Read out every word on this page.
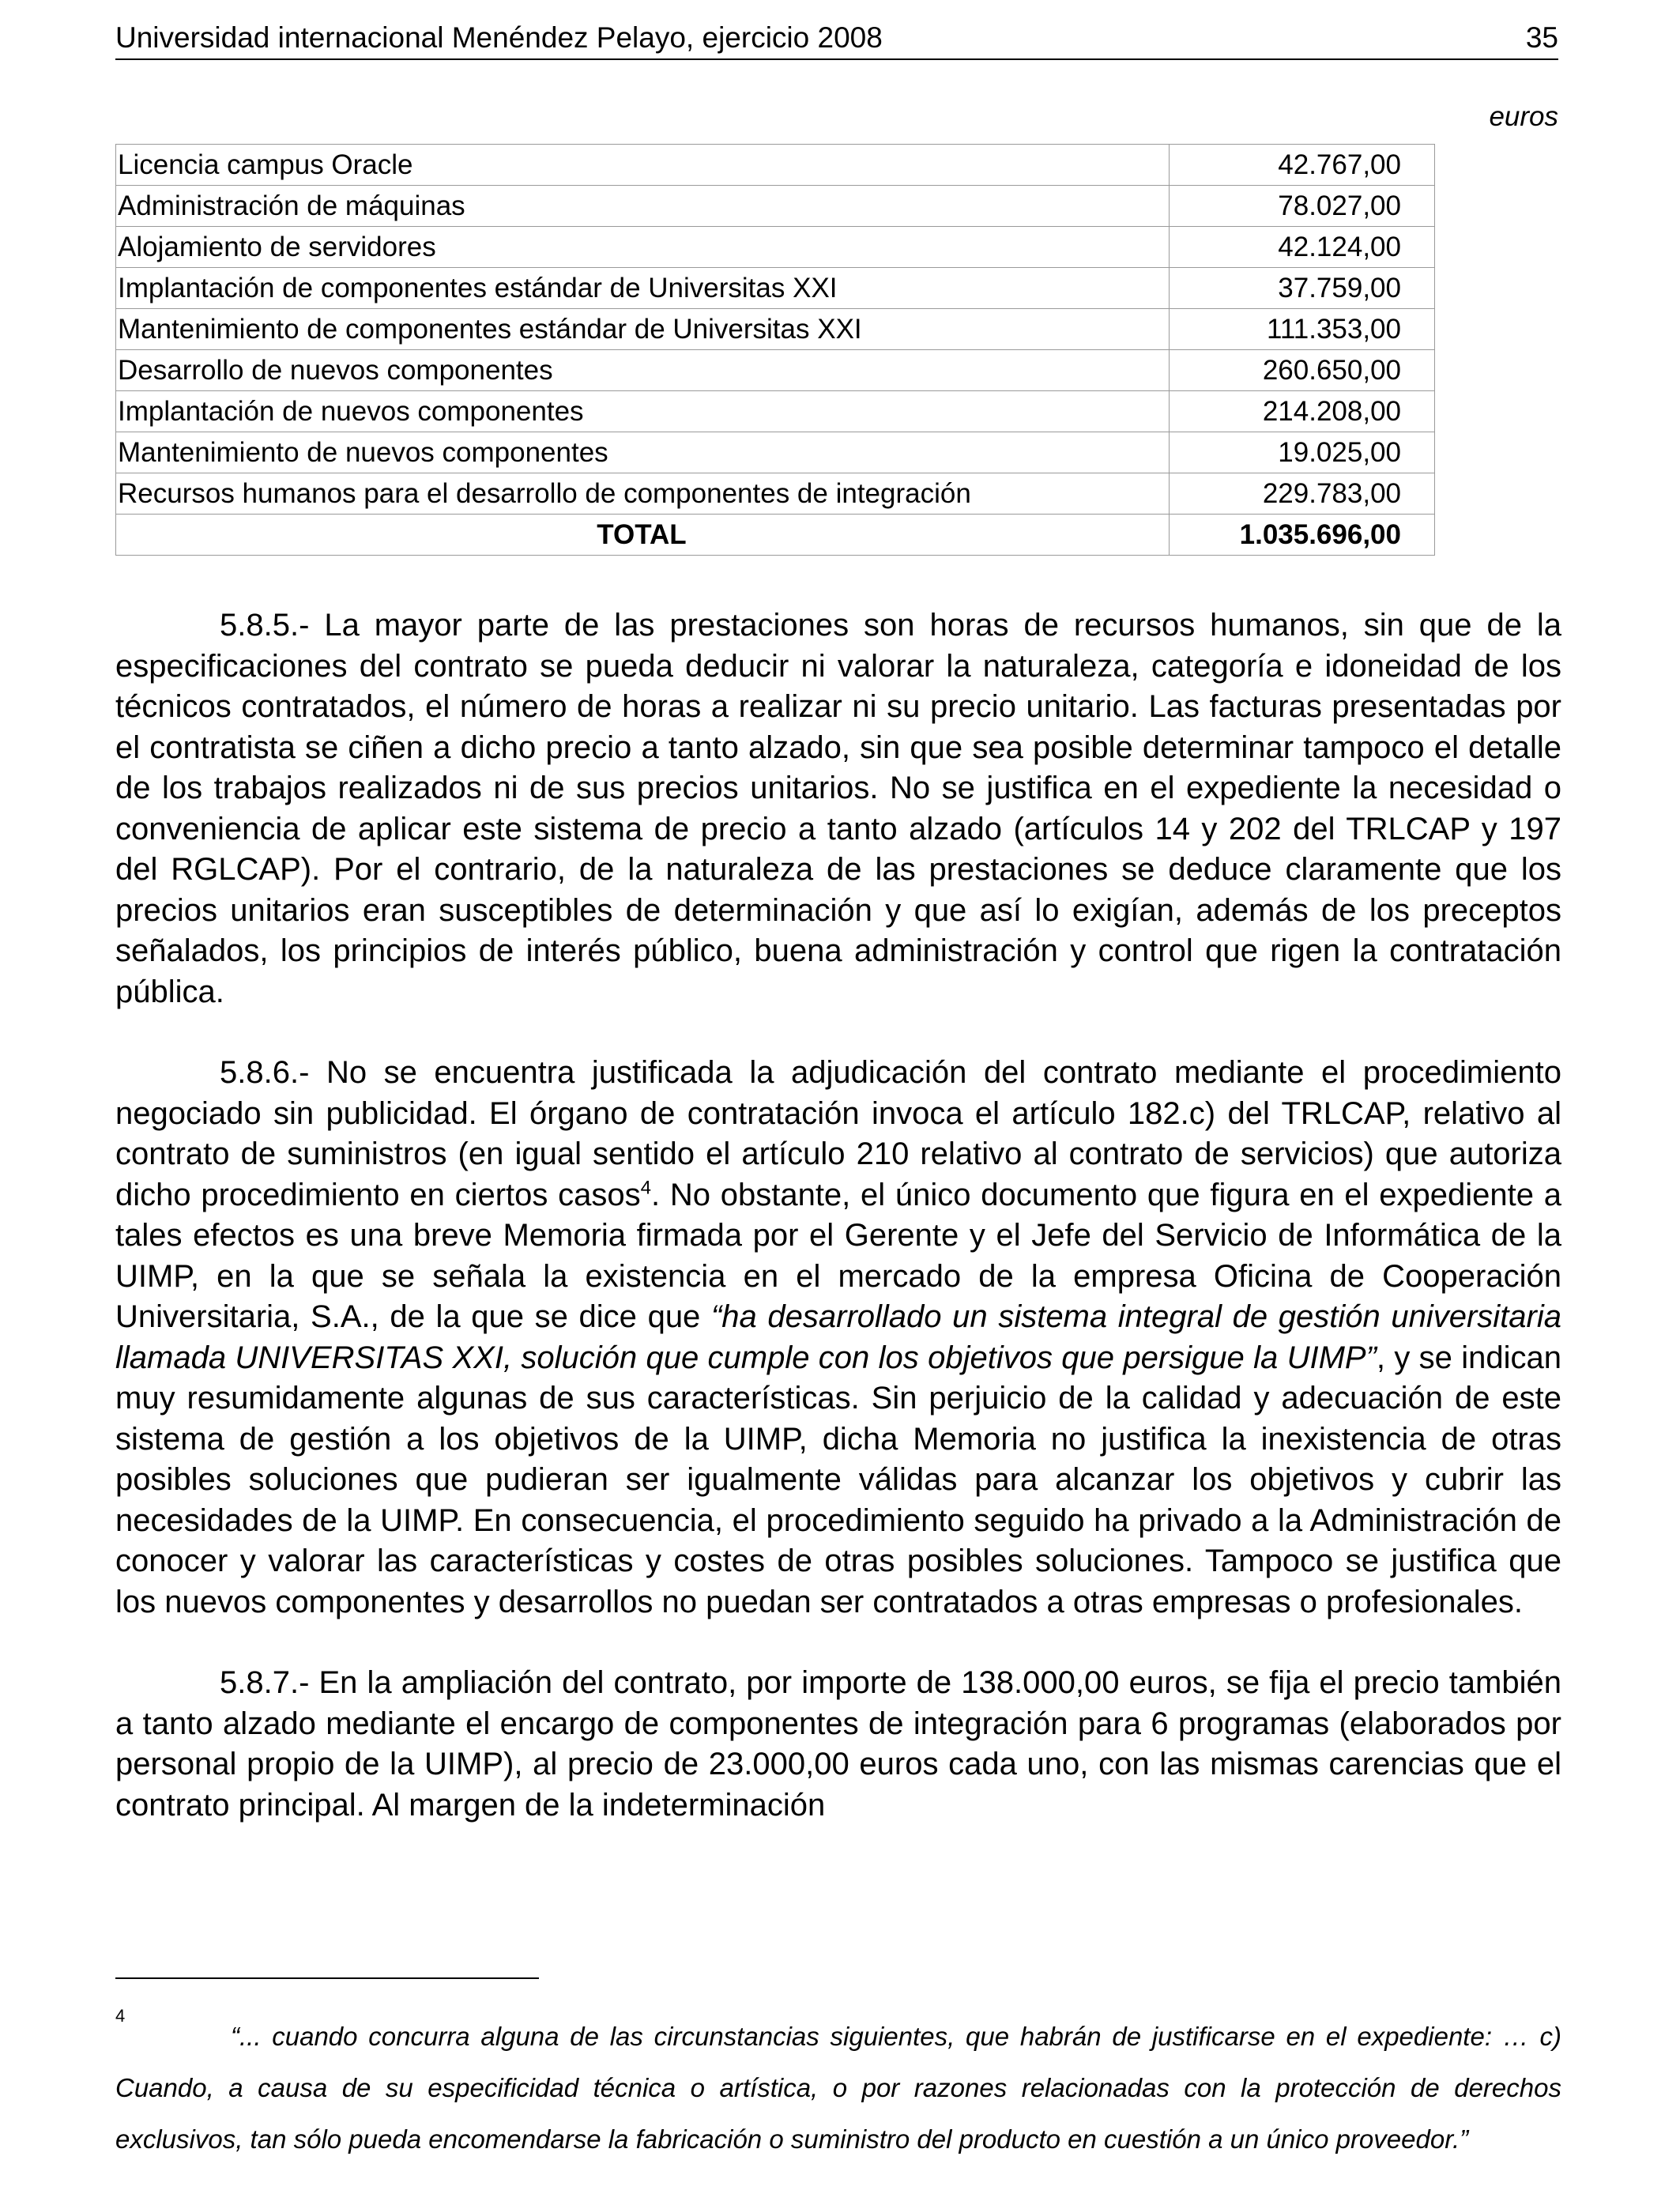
Universidad internacional Menéndez Pelayo, ejercicio 2008	35
euros
Licencia campus Oracle	42.767,00
Administración de máquinas	78.027,00
Alojamiento de servidores	42.124,00
Implantación de componentes estándar de Universitas XXI	37.759,00
Mantenimiento de componentes estándar de Universitas XXI	111.353,00
Desarrollo de nuevos componentes	260.650,00
Implantación de nuevos componentes	214.208,00
Mantenimiento de nuevos componentes	19.025,00
Recursos humanos para el desarrollo de componentes de integración	229.783,00
TOTAL	1.035.696,00

5.8.5.- La mayor parte de las prestaciones son horas de recursos humanos, sin que de la especificaciones del contrato se pueda deducir ni valorar la naturaleza, categoría e idoneidad de los técnicos contratados, el número de horas a realizar ni su precio unitario. Las facturas presentadas por el contratista se ciñen a dicho precio a tanto alzado, sin que sea posible determinar tampoco el detalle de los trabajos realizados ni de sus precios unitarios. No se justifica en el expediente la necesidad o conveniencia de aplicar este sistema de precio a tanto alzado (artículos 14 y 202 del TRLCAP y 197 del RGLCAP). Por el contrario, de la naturaleza de las prestaciones se deduce claramente que los precios unitarios eran susceptibles de determinación y que así lo exigían, además de los preceptos señalados, los principios de interés público, buena administración y control que rigen la contratación pública.

5.8.6.- No se encuentra justificada la adjudicación del contrato mediante el procedimiento negociado sin publicidad. El órgano de contratación invoca el artículo 182.c) del TRLCAP, relativo al contrato de suministros (en igual sentido el artículo 210 relativo al contrato de servicios) que autoriza dicho procedimiento en ciertos casos$^4$. No obstante, el único documento que figura en el expediente a tales efectos es una breve Memoria firmada por el Gerente y el Jefe del Servicio de Informática de la UIMP, en la que se señala la existencia en el mercado de la empresa Oficina de Cooperación Universitaria, S.A., de la que se dice que “ha desarrollado un sistema integral de gestión universitaria llamada UNIVERSITAS XXI, solución que cumple con los objetivos que persigue la UIMP”, y se indican muy resumidamente algunas de sus características. Sin perjuicio de la calidad y adecuación de este sistema de gestión a los objetivos de la UIMP, dicha Memoria no justifica la inexistencia de otras posibles soluciones que pudieran ser igualmente válidas para alcanzar los objetivos y cubrir las necesidades de la UIMP. En consecuencia, el procedimiento seguido ha privado a la Administración de conocer y valorar las características y costes de otras posibles soluciones. Tampoco se justifica que los nuevos componentes y desarrollos no puedan ser contratados a otras empresas o profesionales.

5.8.7.- En la ampliación del contrato, por importe de 138.000,00 euros, se fija el precio también a tanto alzado mediante el encargo de componentes de integración para 6 programas (elaborados por personal propio de la UIMP), al precio de 23.000,00 euros cada uno, con las mismas carencias que el contrato principal. Al margen de la indeterminación

4

“... cuando concurra alguna de las circunstancias siguientes, que habrán de justificarse en el expediente: … c) Cuando, a causa de su especificidad técnica o artística, o por razones relacionadas con la protección de derechos exclusivos, tan sólo pueda encomendarse la fabricación o suministro del producto en cuestión a un único proveedor.”
